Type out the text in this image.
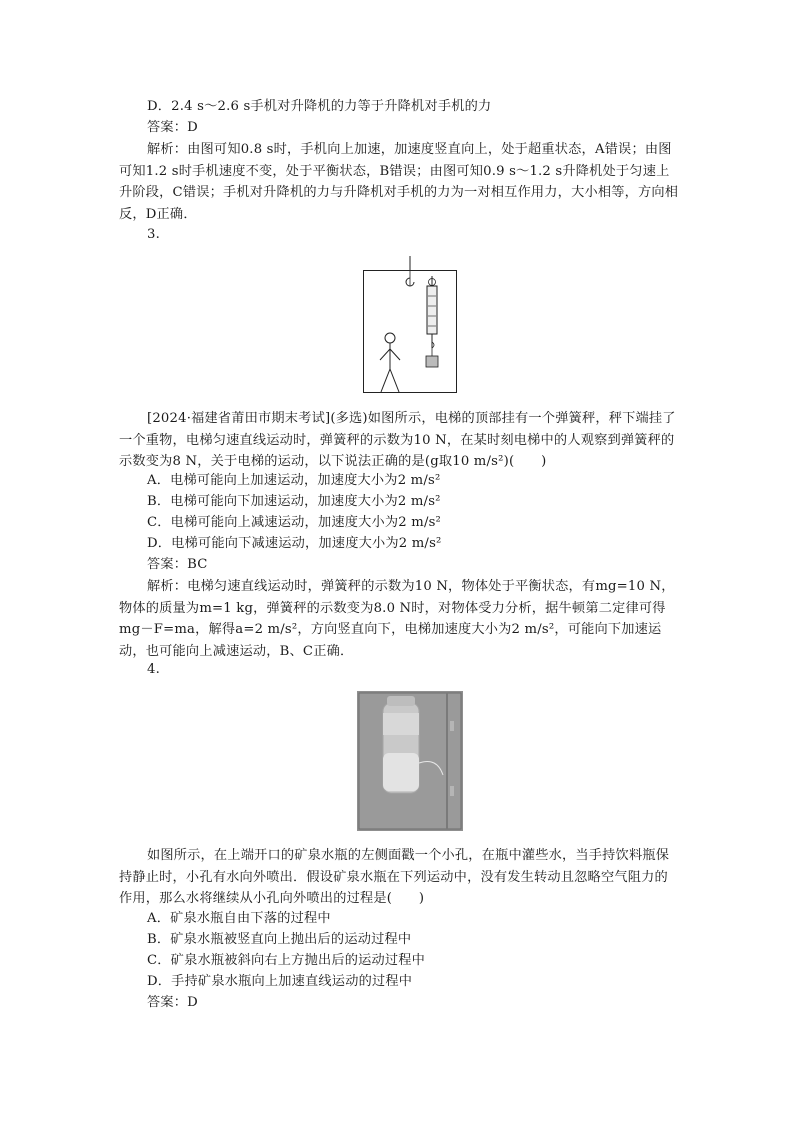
D．2.4 s～2.6 s手机对升降机的力等于升降机对手机的力
答案：D
解析：由图可知0.8 s时，手机向上加速，加速度竖直向上，处于超重状态，A错误；由图可知1.2 s时手机速度不变，处于平衡状态，B错误；由图可知0.9 s～1.2 s升降机处于匀速上升阶段，C错误；手机对升降机的力与升降机对手机的力为一对相互作用力，大小相等，方向相反，D正确．
3.
[2024·福建省莆田市期末考试](多选)如图所示，电梯的顶部挂有一个弹簧秤，秤下端挂了一个重物，电梯匀速直线运动时，弹簧秤的示数为10 N，在某时刻电梯中的人观察到弹簧秤的示数变为8 N，关于电梯的运动，以下说法正确的是(g取10 m/s²)(　　)
A．电梯可能向上加速运动，加速度大小为2 m/s²
B．电梯可能向下加速运动，加速度大小为2 m/s²
C．电梯可能向上减速运动，加速度大小为2 m/s²
D．电梯可能向下减速运动，加速度大小为2 m/s²
答案：BC
解析：电梯匀速直线运动时，弹簧秤的示数为10 N，物体处于平衡状态，有mg=10 N，物体的质量为m=1 kg，弹簧秤的示数变为8.0 N时，对物体受力分析，据牛顿第二定律可得mg－F=ma，解得a=2 m/s²，方向竖直向下，电梯加速度大小为2 m/s²，可能向下加速运动，也可能向上减速运动，B、C正确．
4.
如图所示，在上端开口的矿泉水瓶的左侧面戳一个小孔，在瓶中灌些水，当手持饮料瓶保持静止时，小孔有水向外喷出．假设矿泉水瓶在下列运动中，没有发生转动且忽略空气阻力的作用，那么水将继续从小孔向外喷出的过程是(　　)
A．矿泉水瓶自由下落的过程中
B．矿泉水瓶被竖直向上抛出后的运动过程中
C．矿泉水瓶被斜向右上方抛出后的运动过程中
D．手持矿泉水瓶向上加速直线运动的过程中
答案：D
